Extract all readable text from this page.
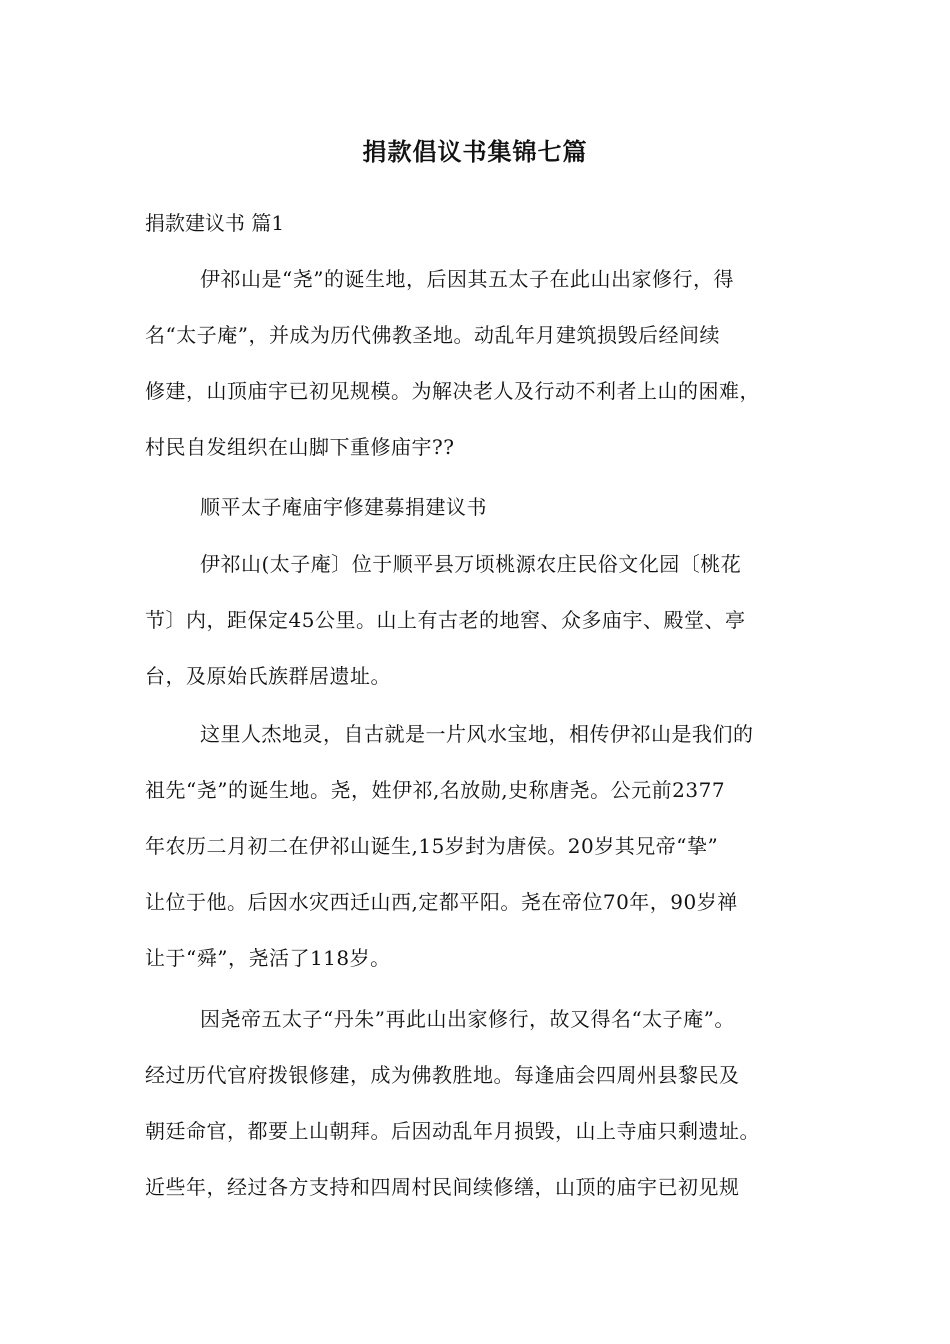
捐款倡议书集锦七篇
捐款建议书 篇1
伊祁山是“尧”的诞生地，后因其五太子在此山出家修行，得
名“太子庵”，并成为历代佛教圣地。动乱年月建筑损毁后经间续
修建，山顶庙宇已初见规模。为解决老人及行动不利者上山的困难，
村民自发组织在山脚下重修庙宇??
顺平太子庵庙宇修建募捐建议书
伊祁山(太子庵〕位于顺平县万顷桃源农庄民俗文化园〔桃花
节〕内，距保定45公里。山上有古老的地窖、众多庙宇、殿堂、亭
台，及原始氏族群居遗址。
这里人杰地灵，自古就是一片风水宝地，相传伊祁山是我们的
祖先“尧”的诞生地。尧，姓伊祁,名放勋,史称唐尧。公元前2377
年农历二月初二在伊祁山诞生,15岁封为唐侯。20岁其兄帝“挚”
让位于他。后因水灾西迁山西,定都平阳。尧在帝位70年，90岁禅
让于“舜”，尧活了118岁。
因尧帝五太子“丹朱”再此山出家修行，故又得名“太子庵”。
经过历代官府拨银修建，成为佛教胜地。每逢庙会四周州县黎民及
朝廷命官，都要上山朝拜。后因动乱年月损毁，山上寺庙只剩遗址。
近些年，经过各方支持和四周村民间续修缮，山顶的庙宇已初见规
